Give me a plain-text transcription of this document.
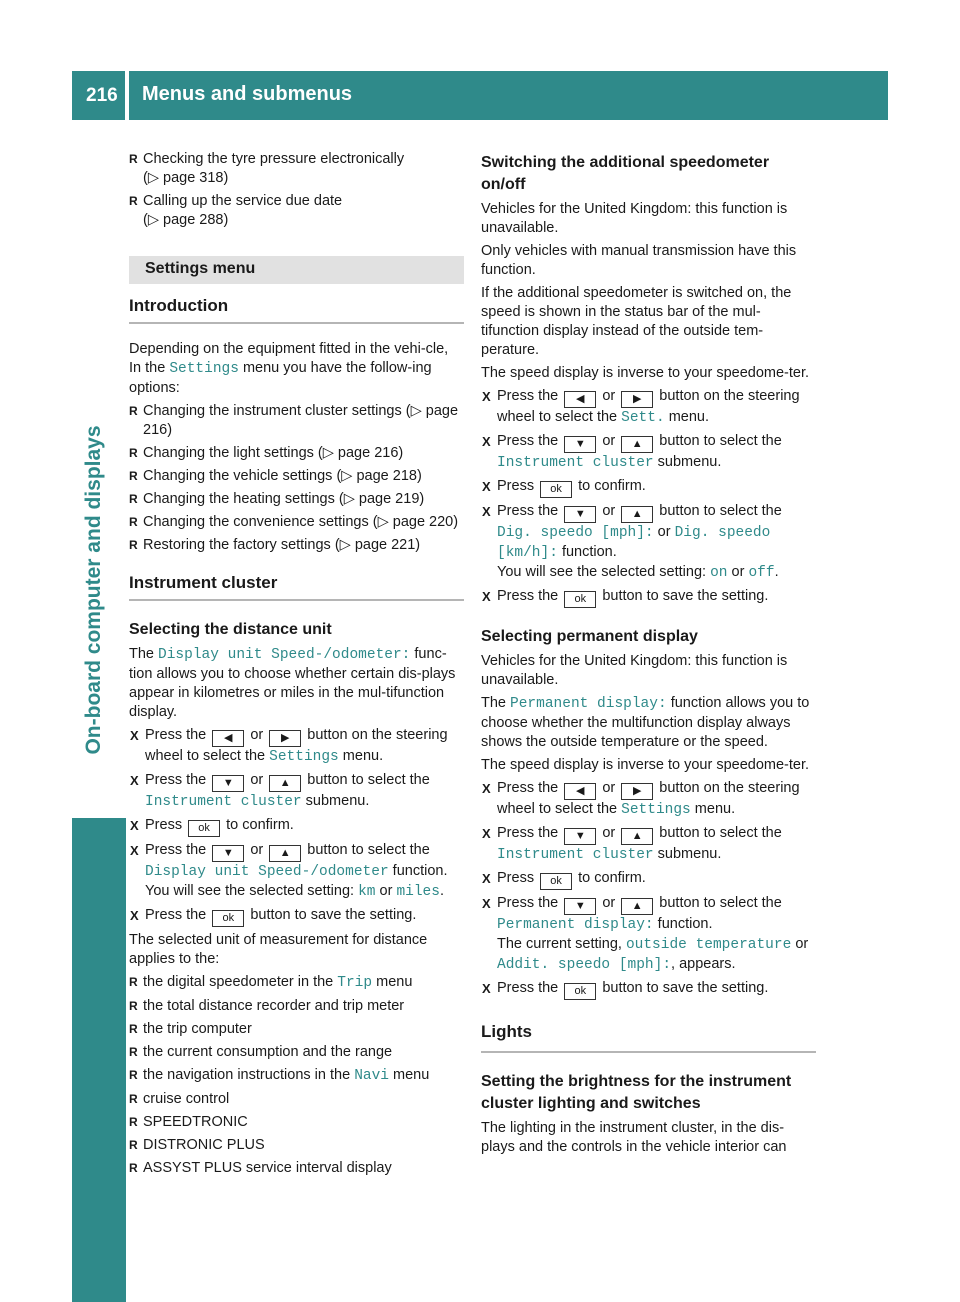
216 Menus and submenus
On-board computer and displays
R Checking the tyre pressure electronically
(▷ page 318)
R Calling up the service due date
(▷ page 288)
Settings menu
Introduction

Depending on the equipment fitted in the vehi-cle, In the Settings menu you have the follow-ing options:

R Changing the instrument cluster settings (▷ page 216)
R Changing the light settings (▷ page 216)
R Changing the vehicle settings (▷ page 218)
R Changing the heating settings (▷ page 219)
R Changing the convenience settings (▷ page 220)
R Restoring the factory settings (▷ page 221)
Instrument cluster
Selecting the distance unit

The Display unit Speed-/odometer: func-tion allows you to choose whether certain dis-plays appear in kilometres or miles in the mul-tifunction display.

X Press the ◀ or ▶ button on the steering wheel to select the Settings menu.
X Press the ▼ or ▲ button to select the Instrument cluster submenu.
X Press ok to confirm.
X Press the ▼ or ▲ button to select the Display unit Speed-/odometer function.
You will see the selected setting: km or miles.
X Press the ok button to save the setting.

The selected unit of measurement for distance applies to the:

R the digital speedometer in the Trip menu
R the total distance recorder and trip meter
R the trip computer
R the current consumption and the range
R the navigation instructions in the Navi menu
R cruise control
R SPEEDTRONIC
R DISTRONIC PLUS
R ASSYST PLUS service interval display
Switching the additional speedometer on/off

Vehicles for the United Kingdom: this function is unavailable.

Only vehicles with manual transmission have this function.

If the additional speedometer is switched on, the speed is shown in the status bar of the mul-tifunction display instead of the outside tem-perature.

The speed display is inverse to your speedome-ter.

X Press the ◀ or ▶ button on the steering wheel to select the Sett. menu.
X Press the ▼ or ▲ button to select the Instrument cluster submenu.
X Press ok to confirm.
X Press the ▼ or ▲ button to select the Dig. speedo [mph]: or Dig. speedo [km/h]: function.
You will see the selected setting: on or off.
X Press the ok button to save the setting.
Selecting permanent display

Vehicles for the United Kingdom: this function is unavailable.

The Permanent display: function allows you to choose whether the multifunction display always shows the outside temperature or the speed.

The speed display is inverse to your speedome-ter.

X Press the ◀ or ▶ button on the steering wheel to select the Settings menu.
X Press the ▼ or ▲ button to select the Instrument cluster submenu.
X Press ok to confirm.
X Press the ▼ or ▲ button to select the Permanent display: function.
The current setting, outside temperature or Addit. speedo [mph]:, appears.
X Press the ok button to save the setting.
Lights
Setting the brightness for the instrument cluster lighting and switches

The lighting in the instrument cluster, in the dis-plays and the controls in the vehicle interior can
